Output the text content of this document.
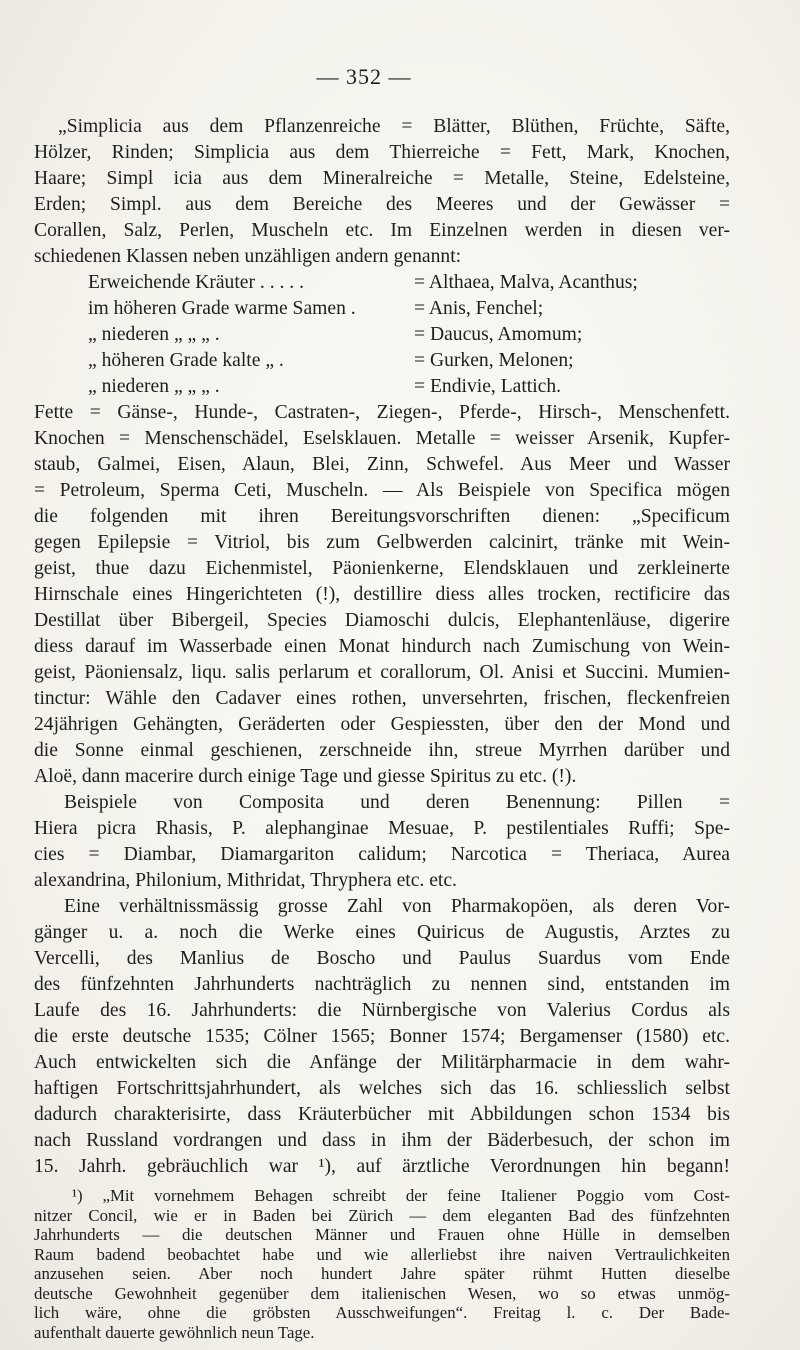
— 352 —
„Simplicia aus dem Pflanzenreiche = Blätter, Blüthen, Früchte, Säfte,
Hölzer, Rinden; Simplicia aus dem Thierreiche = Fett, Mark, Knochen,
Haare; Simpl icia aus dem Mineralreiche = Metalle, Steine, Edelsteine,
Erden; Simpl. aus dem Bereiche des Meeres und der Gewässer =
Corallen, Salz, Perlen, Muscheln etc. Im Einzelnen werden in diesen ver-
schiedenen Klassen neben unzähligen andern genannt:
Erweichende Kräuter . . . . .	= Althaea, Malva, Acanthus;
im höheren Grade warme Samen .	= Anis, Fenchel;
„ niederen „ „ „ .	= Daucus, Amomum;
„ höheren Grade kalte „ .	= Gurken, Melonen;
„ niederen „ „ „ .	= Endivie, Lattich.
Fette = Gänse-, Hunde-, Castraten-, Ziegen-, Pferde-, Hirsch-, Menschenfett.
Knochen = Menschenschädel, Eselsklauen. Metalle = weisser Arsenik, Kupfer-
staub, Galmei, Eisen, Alaun, Blei, Zinn, Schwefel. Aus Meer und Wasser
= Petroleum, Sperma Ceti, Muscheln. — Als Beispiele von Specifica mögen
die folgenden mit ihren Bereitungsvorschriften dienen: „Specificum
gegen Epilepsie = Vitriol, bis zum Gelbwerden calcinirt, tränke mit Wein-
geist, thue dazu Eichenmistel, Päonienkerne, Elendsklauen und zerkleinerte
Hirnschale eines Hingerichteten (!), destillire diess alles trocken, rectificire das
Destillat über Bibergeil, Species Diamoschi dulcis, Elephantenläuse, digerire
diess darauf im Wasserbade einen Monat hindurch nach Zumischung von Wein-
geist, Päoniensalz, liqu. salis perlarum et corallorum, Ol. Anisi et Succini. Mumien-
tinctur: Wähle den Cadaver eines rothen, unversehrten, frischen, fleckenfreien
24jährigen Gehängten, Geräderten oder Gespiessten, über den der Mond und
die Sonne einmal geschienen, zerschneide ihn, streue Myrrhen darüber und
Aloë, dann macerire durch einige Tage und giesse Spiritus zu etc. (!).
Beispiele von Composita und deren Benennung: Pillen =
Hiera picra Rhasis, P. alephanginae Mesuae, P. pestilentiales Ruffi; Spe-
cies = Diambar, Diamargariton calidum; Narcotica = Theriaca, Aurea
alexandrina, Philonium, Mithridat, Thryphera etc. etc.
Eine verhältnissmässig grosse Zahl von Pharmakopöen, als deren Vor-
gänger u. a. noch die Werke eines Quiricus de Augustis, Arztes zu
Vercelli, des Manlius de Boscho und Paulus Suardus vom Ende
des fünfzehnten Jahrhunderts nachträglich zu nennen sind, entstanden im
Laufe des 16. Jahrhunderts: die Nürnbergische von Valerius Cordus als
die erste deutsche 1535; Cölner 1565; Bonner 1574; Bergamenser (1580) etc.
Auch entwickelten sich die Anfänge der Militärpharmacie in dem wahr-
haftigen Fortschrittsjahrhundert, als welches sich das 16. schliesslich selbst
dadurch charakterisirte, dass Kräuterbücher mit Abbildungen schon 1534 bis
nach Russland vordrangen und dass in ihm der Bäderbesuch, der schon im
15. Jahrh. gebräuchlich war ¹), auf ärztliche Verordnungen hin begann!
¹) „Mit vornehmem Behagen schreibt der feine Italiener Poggio vom Cost-
nitzer Concil, wie er in Baden bei Zürich — dem eleganten Bad des fünfzehnten
Jahrhunderts — die deutschen Männer und Frauen ohne Hülle in demselben
Raum badend beobachtet habe und wie allerliebst ihre naiven Vertraulichkeiten
anzusehen seien. Aber noch hundert Jahre später rühmt Hutten dieselbe
deutsche Gewohnheit gegenüber dem italienischen Wesen, wo so etwas unmög-
lich wäre, ohne die gröbsten Ausschweifungen“. Freitag l. c. Der Bade-
aufenthalt dauerte gewöhnlich neun Tage.
